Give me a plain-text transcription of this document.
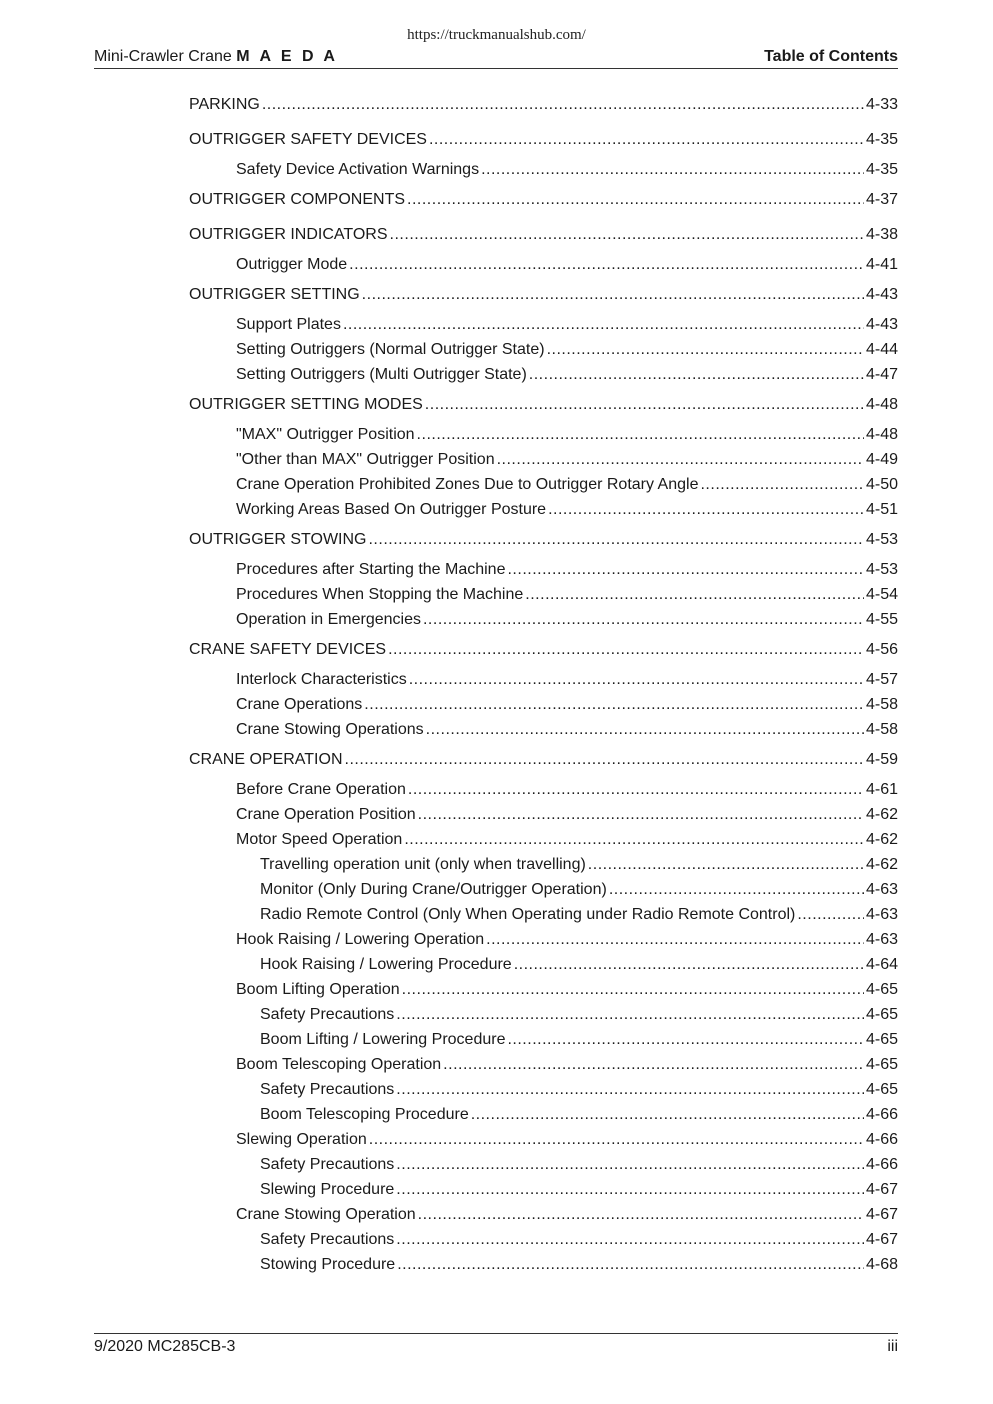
https://truckmanualshub.com/
Mini-Crawler Crane M A E D A	Table of Contents
PARKING .....	4-33
OUTRIGGER SAFETY DEVICES .....	4-35
Safety Device Activation Warnings .....	4-35
OUTRIGGER COMPONENTS .....	4-37
OUTRIGGER INDICATORS .....	4-38
Outrigger Mode .....	4-41
OUTRIGGER SETTING .....	4-43
Support Plates .....	4-43
Setting Outriggers (Normal Outrigger State) .....	4-44
Setting Outriggers (Multi Outrigger State) .....	4-47
OUTRIGGER SETTING MODES .....	4-48
"MAX" Outrigger Position .....	4-48
"Other than MAX" Outrigger Position .....	4-49
Crane Operation Prohibited Zones Due to Outrigger Rotary Angle .....	4-50
Working Areas Based On Outrigger Posture .....	4-51
OUTRIGGER STOWING .....	4-53
Procedures after Starting the Machine .....	4-53
Procedures When Stopping the Machine .....	4-54
Operation in Emergencies .....	4-55
CRANE SAFETY DEVICES .....	4-56
Interlock Characteristics .....	4-57
Crane Operations .....	4-58
Crane Stowing Operations .....	4-58
CRANE OPERATION .....	4-59
Before Crane Operation .....	4-61
Crane Operation Position .....	4-62
Motor Speed Operation .....	4-62
Travelling operation unit (only when travelling) .....	4-62
Monitor (Only During Crane/Outrigger Operation) .....	4-63
Radio Remote Control (Only When Operating under Radio Remote Control) .....	4-63
Hook Raising / Lowering Operation .....	4-63
Hook Raising / Lowering Procedure .....	4-64
Boom Lifting Operation .....	4-65
Safety Precautions .....	4-65
Boom Lifting / Lowering Procedure .....	4-65
Boom Telescoping Operation .....	4-65
Safety Precautions .....	4-65
Boom Telescoping Procedure .....	4-66
Slewing Operation .....	4-66
Safety Precautions .....	4-66
Slewing Procedure .....	4-67
Crane Stowing Operation .....	4-67
Safety Precautions .....	4-67
Stowing Procedure .....	4-68
9/2020 MC285CB-3	iii
